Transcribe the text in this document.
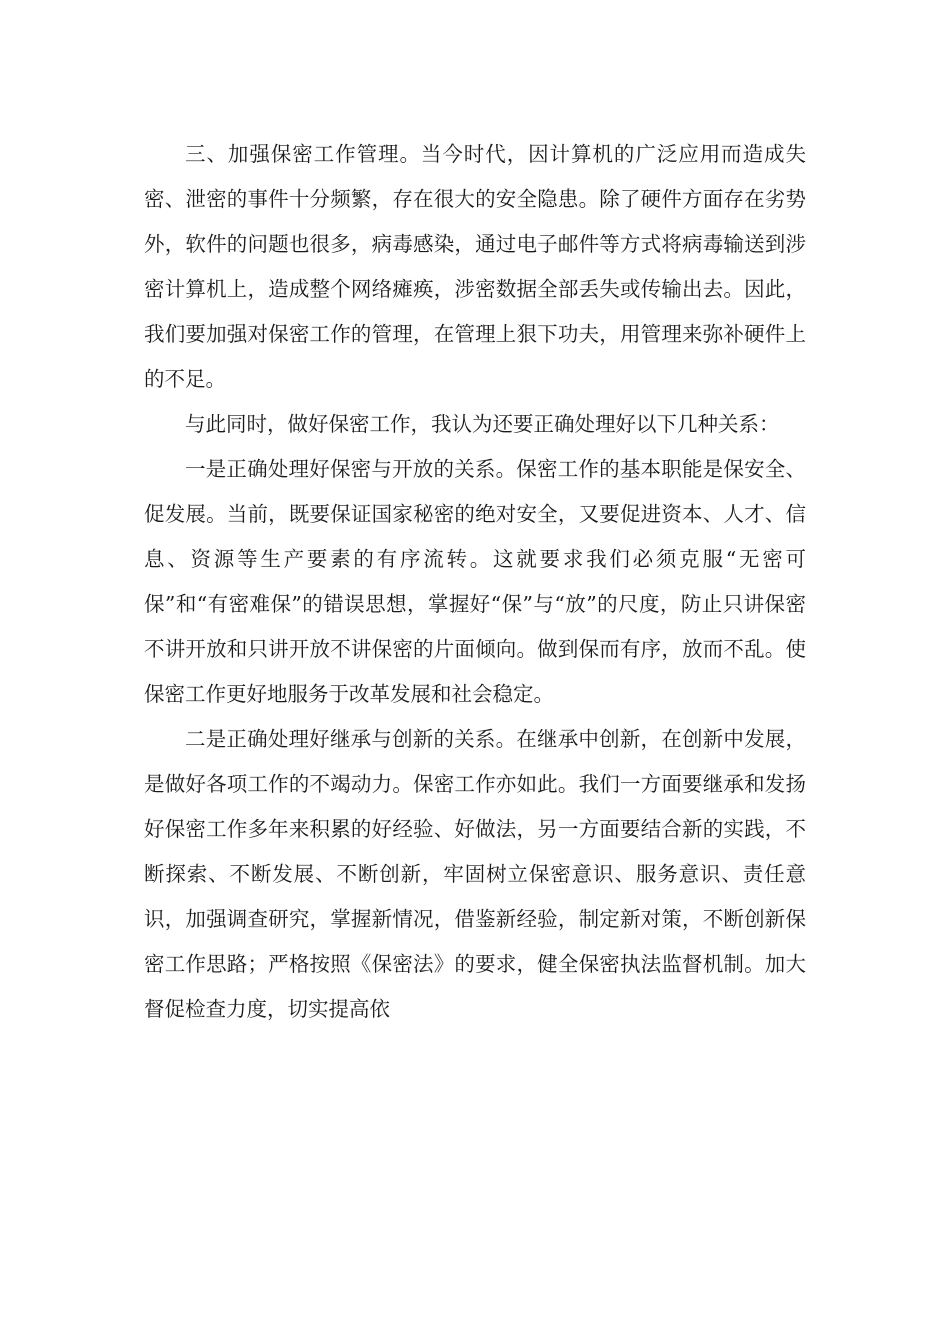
三、加强保密工作管理。当今时代，因计算机的广泛应用而造成失密、泄密的事件十分频繁，存在很大的安全隐患。除了硬件方面存在劣势外，软件的问题也很多，病毒感染，通过电子邮件等方式将病毒输送到涉密计算机上，造成整个网络瘫痪，涉密数据全部丢失或传输出去。因此，我们要加强对保密工作的管理，在管理上狠下功夫，用管理来弥补硬件上的不足。

与此同时，做好保密工作，我认为还要正确处理好以下几种关系：

一是正确处理好保密与开放的关系。保密工作的基本职能是保安全、促发展。当前，既要保证国家秘密的绝对安全，又要促进资本、人才、信息、资源等生产要素的有序流转。这就要求我们必须克服“无密可保”和“有密难保”的错误思想，掌握好“保”与“放”的尺度，防止只讲保密不讲开放和只讲开放不讲保密的片面倾向。做到保而有序，放而不乱。使保密工作更好地服务于改革发展和社会稳定。

二是正确处理好继承与创新的关系。在继承中创新，在创新中发展，是做好各项工作的不竭动力。保密工作亦如此。我们一方面要继承和发扬好保密工作多年来积累的好经验、好做法，另一方面要结合新的实践，不断探索、不断发展、不断创新，牢固树立保密意识、服务意识、责任意识，加强调查研究，掌握新情况，借鉴新经验，制定新对策，不断创新保密工作思路；严格按照《保密法》的要求，健全保密执法监督机制。加大督促检查力度，切实提高依
